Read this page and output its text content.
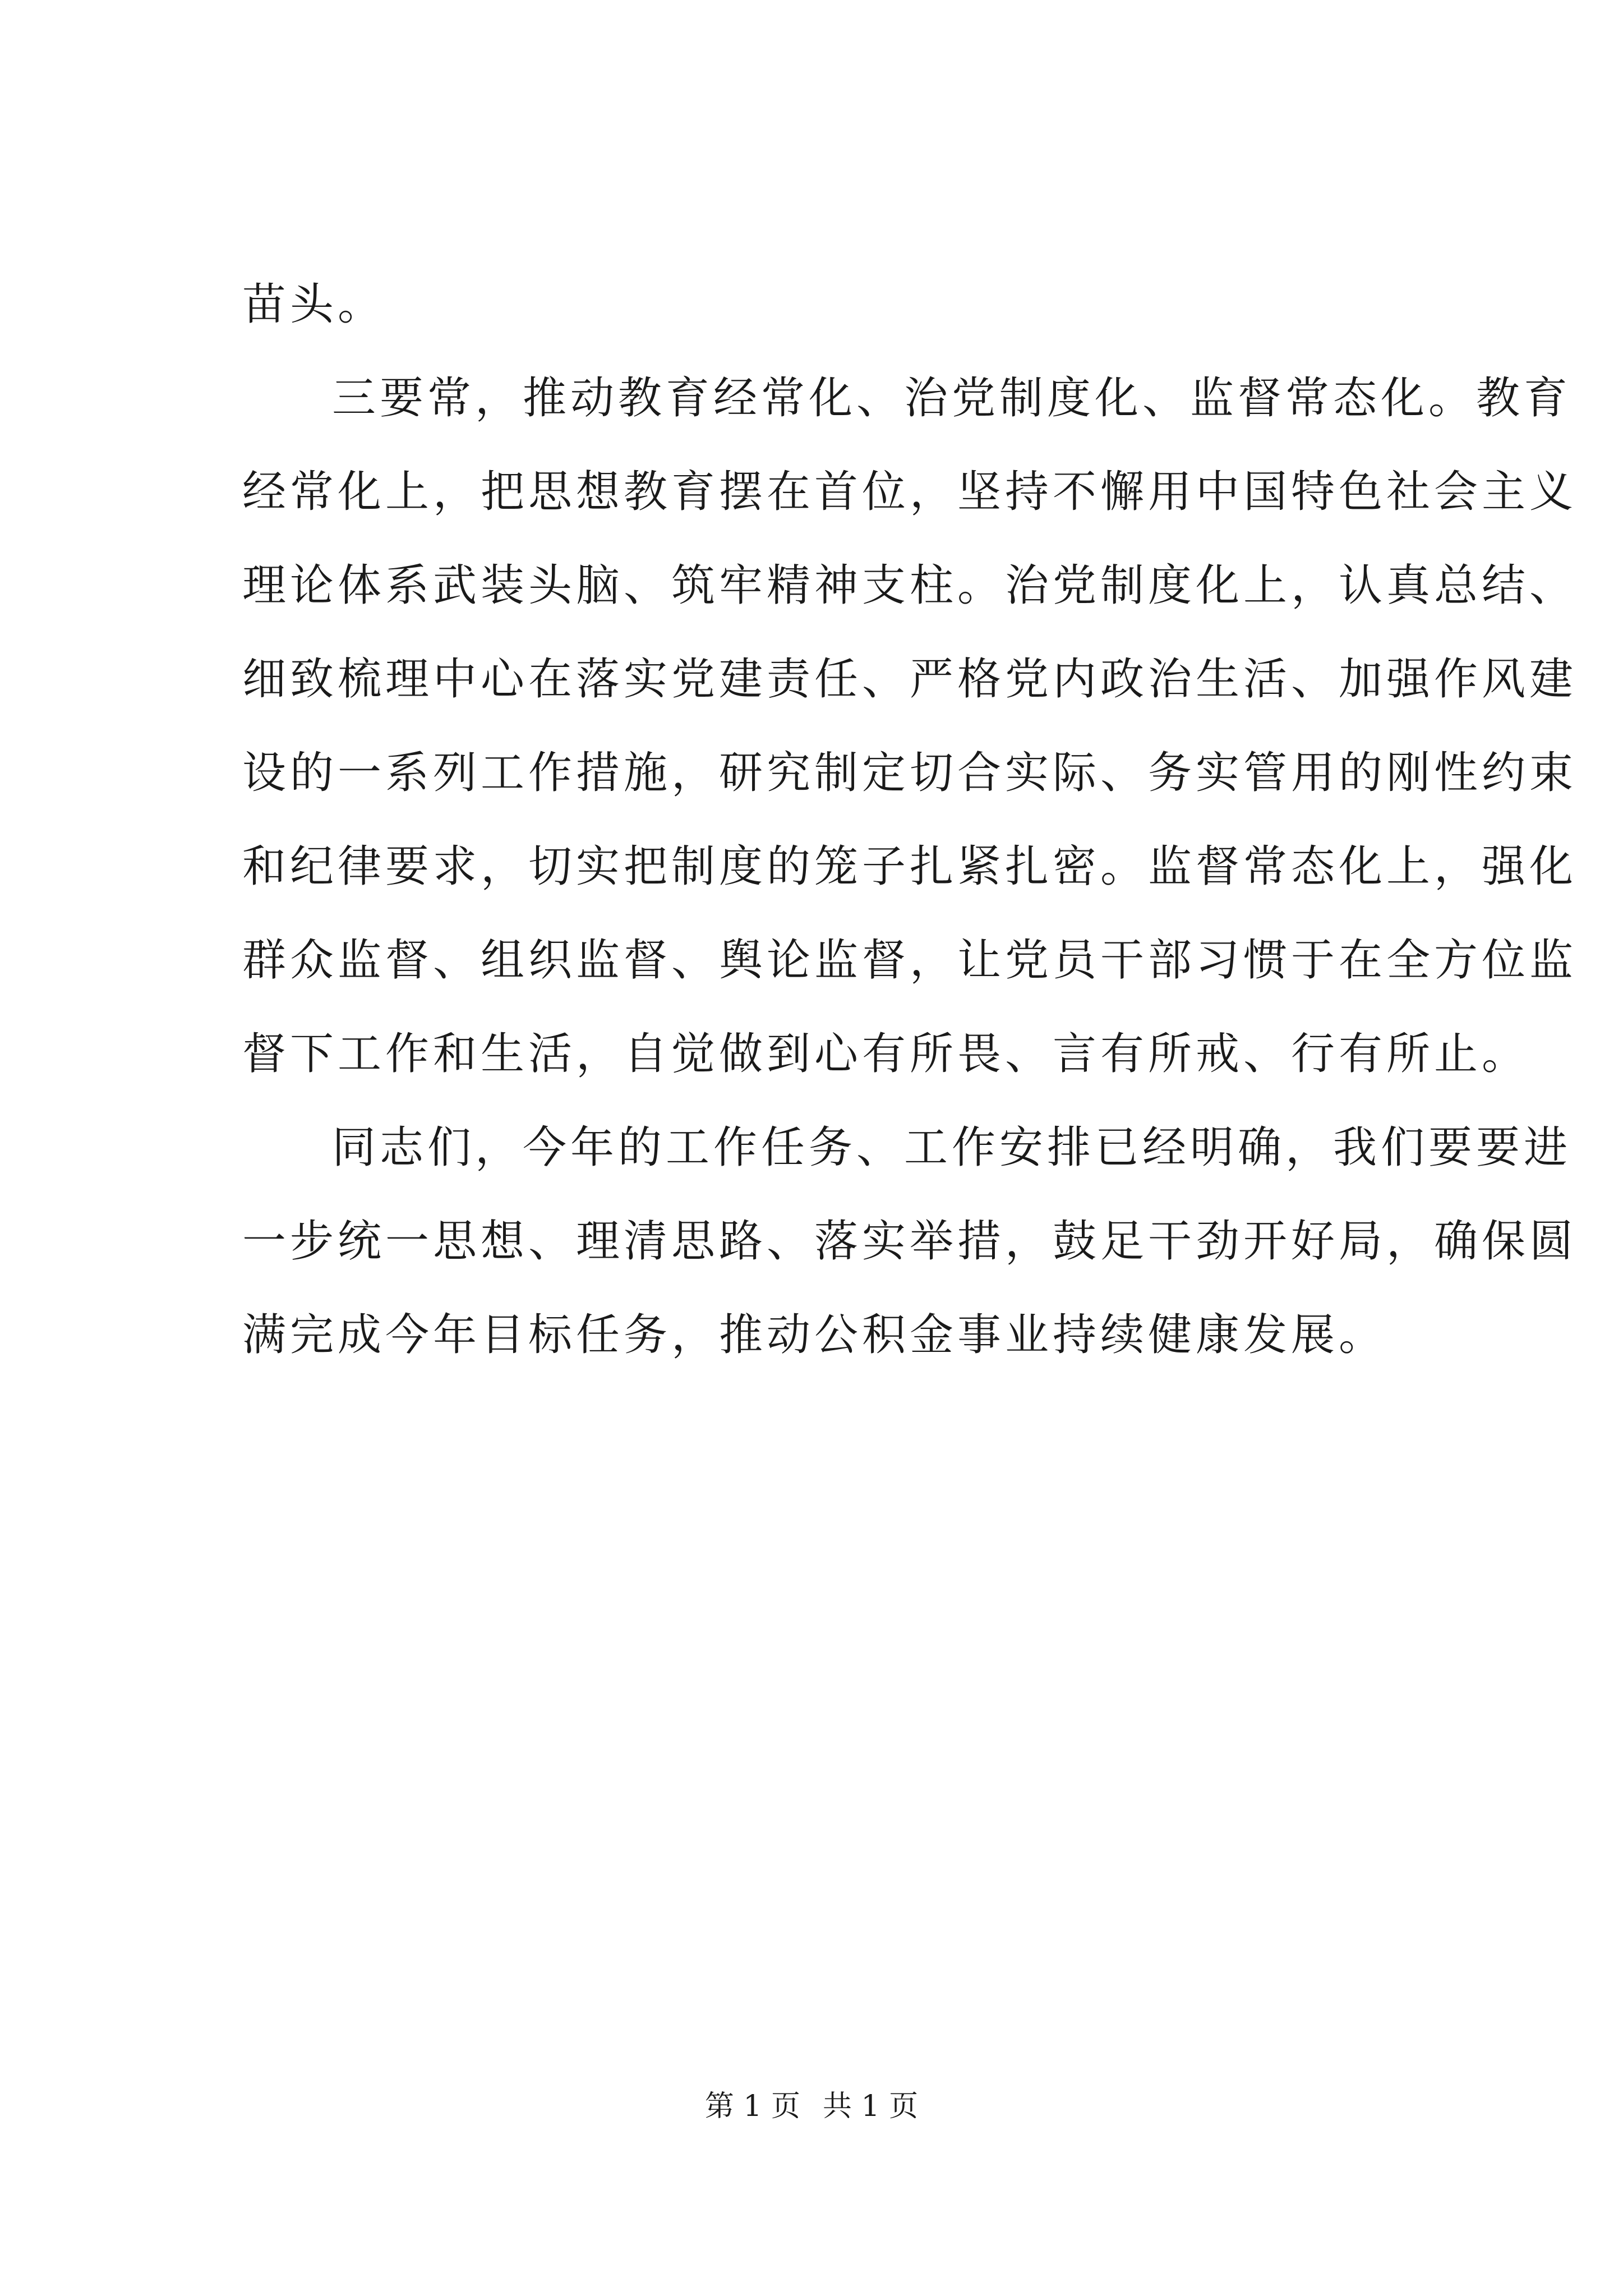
苗头。
三要常，推动教育经常化、治党制度化、监督常态化。教育
经常化上，把思想教育摆在首位，坚持不懈用中国特色社会主义
理论体系武装头脑、筑牢精神支柱。治党制度化上，认真总结、
细致梳理中心在落实党建责任、严格党内政治生活、加强作风建
设的一系列工作措施，研究制定切合实际、务实管用的刚性约束
和纪律要求，切实把制度的笼子扎紧扎密。监督常态化上，强化
群众监督、组织监督、舆论监督，让党员干部习惯于在全方位监
督下工作和生活，自觉做到心有所畏、言有所戒、行有所止。
同志们，今年的工作任务、工作安排已经明确，我们要要进
一步统一思想、理清思路、落实举措，鼓足干劲开好局，确保圆
满完成今年目标任务，推动公积金事业持续健康发展。
第 1 页 共 1 页
